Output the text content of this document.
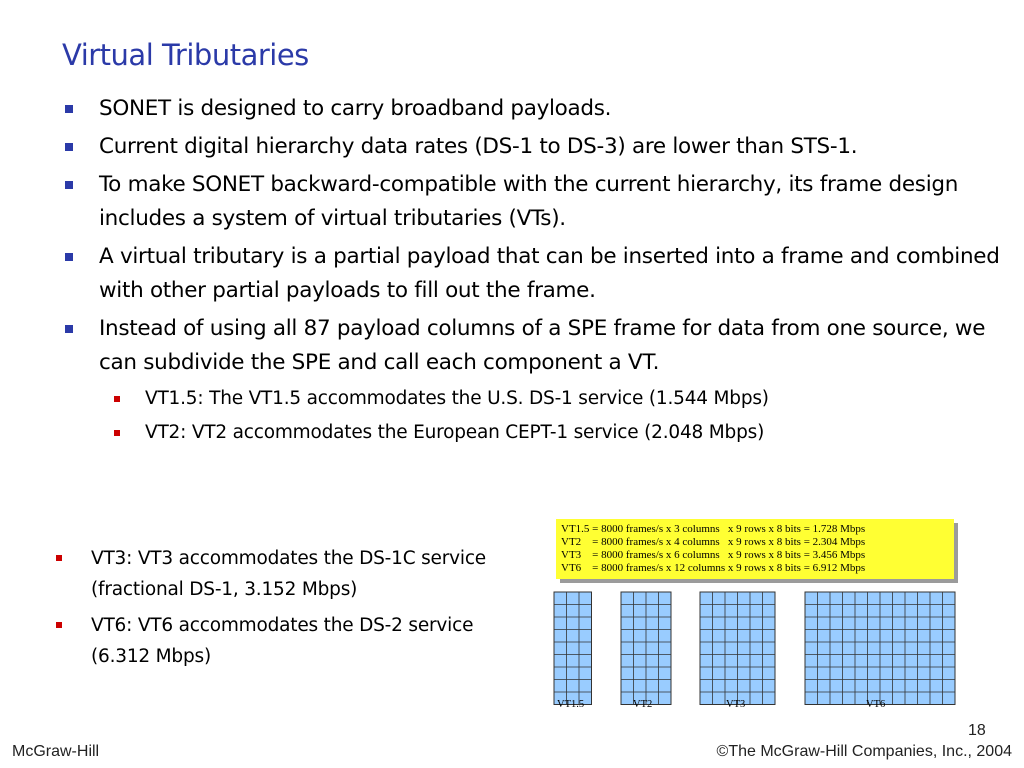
Virtual Tributaries
SONET is designed to carry broadband payloads.
Current digital hierarchy data rates (DS-1 to DS-3) are lower than STS-1.
To make SONET backward-compatible with the current hierarchy, its frame design includes a system of virtual tributaries (VTs).
A virtual tributary is a partial payload that can be inserted into a frame and combined with other partial payloads to fill out the frame.
Instead of using all 87 payload columns of a SPE frame for data from one source, we can subdivide the SPE and call each component a VT.
VT1.5: The VT1.5 accommodates the U.S. DS-1 service (1.544 Mbps)
VT2: VT2 accommodates the European CEPT-1 service (2.048 Mbps)
VT3: VT3 accommodates the DS-1C service (fractional DS-1, 3.152 Mbps)
VT6: VT6 accommodates the DS-2 service (6.312 Mbps)
VT1.5 = 8000 frames/s x 3 columns   x 9 rows x 8 bits = 1.728 Mbps
VT2    = 8000 frames/s x 4 columns   x 9 rows x 8 bits = 2.304 Mbps
VT3    = 8000 frames/s x 6 columns   x 9 rows x 8 bits = 3.456 Mbps
VT6    = 8000 frames/s x 12 columns x 9 rows x 8 bits = 6.912 Mbps
VT1.5	VT2	VT3	VT6
McGraw-Hill
18
©The McGraw-Hill Companies, Inc., 2004
